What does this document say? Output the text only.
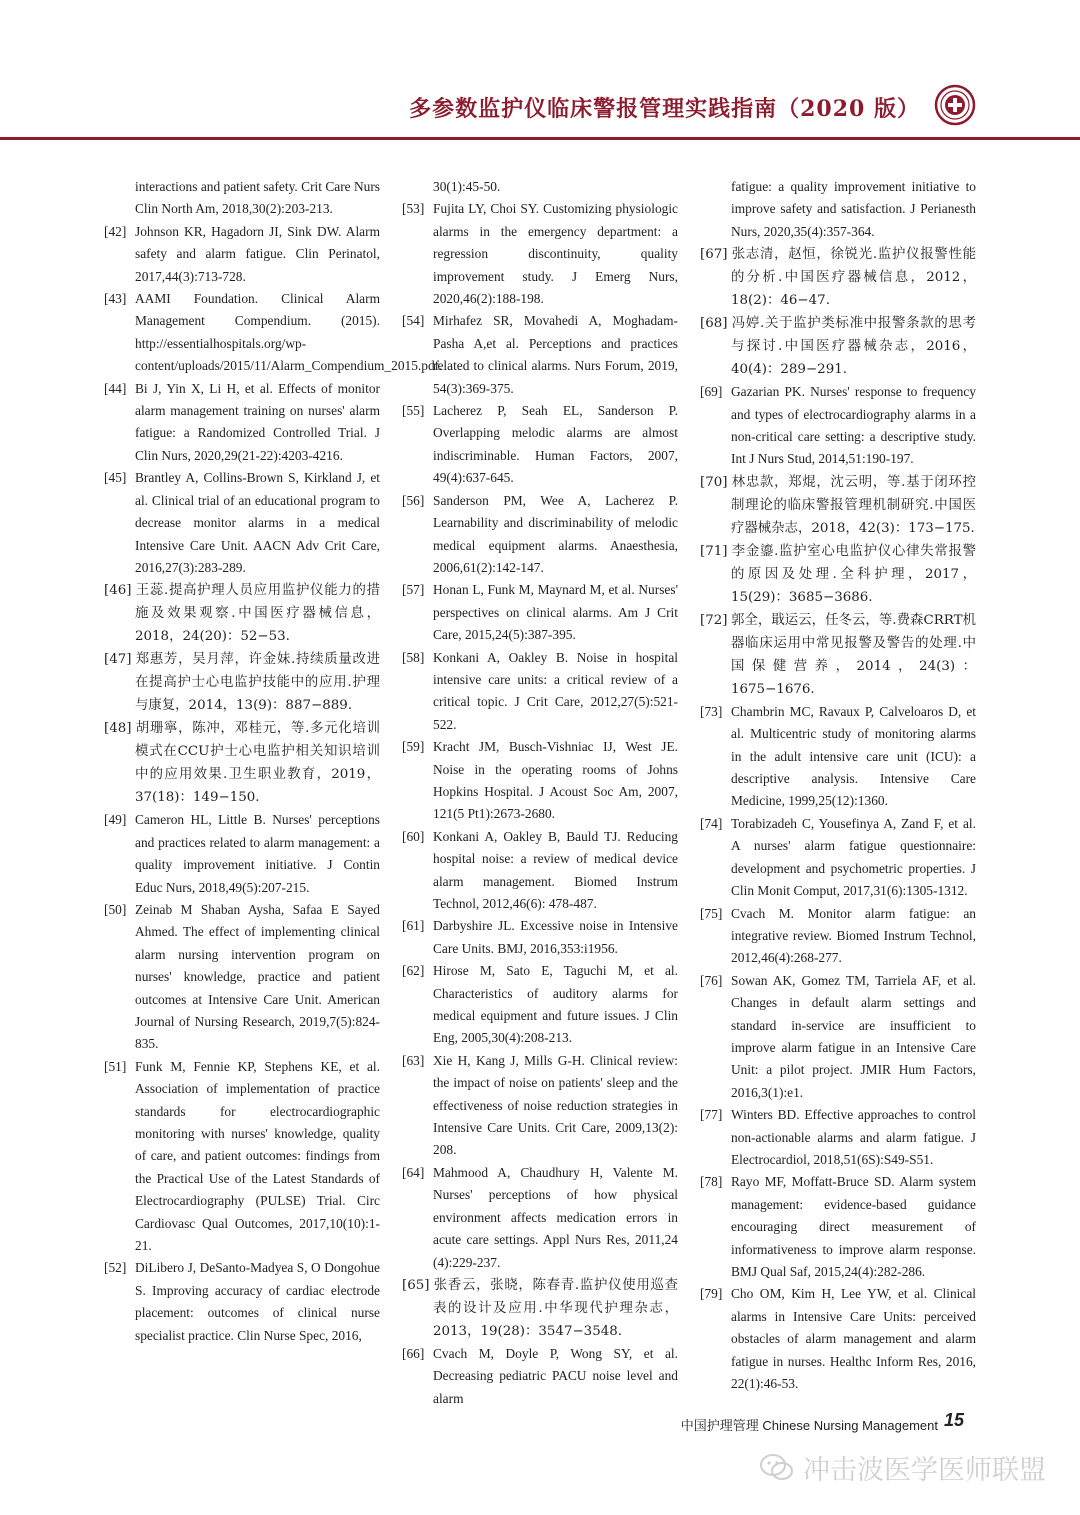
多参数监护仪临床警报管理实践指南（2020 版）

interactions and patient safety. Crit Care Nurs Clin North Am, 2018,30(2):203-213.

[42] Johnson KR, Hagadorn JI, Sink DW. Alarm safety and alarm fatigue. Clin Perinatol, 2017,44(3):713-728.

[43] AAMI Foundation. Clinical Alarm Management Compendium. (2015). http://essentialhospitals.org/wp-content/uploads/2015/11/Alarm_Compendium_2015.pdf.

[44] Bi J, Yin X, Li H, et al. Effects of monitor alarm management training on nurses' alarm fatigue: a Randomized Controlled Trial. J Clin Nurs, 2020,29(21-22):4203-4216.

[45] Brantley A, Collins-Brown S, Kirkland J, et al. Clinical trial of an educational program to decrease monitor alarms in a medical Intensive Care Unit. AACN Adv Crit Care, 2016,27(3):283-289.

[46] 王蕊.提高护理人员应用监护仪能力的措施及效果观察.中国医疗器械信息，2018，24(20)：52−53.

[47] 郑惠芳，吴月萍，许金妹.持续质量改进在提高护士心电监护技能中的应用.护理与康复，2014，13(9)：887−889.

[48] 胡珊寧，陈冲，邓桂元，等.多元化培训模式在CCU护士心电监护相关知识培训中的应用效果.卫生职业教育，2019，37(18)：149−150.

[49] Cameron HL, Little B. Nurses' perceptions and practices related to alarm management: a quality improvement initiative. J Contin Educ Nurs, 2018,49(5):207-215.

[50] Zeinab M Shaban Aysha, Safaa E Sayed Ahmed. The effect of implementing clinical alarm nursing intervention program on nurses' knowledge, practice and patient outcomes at Intensive Care Unit. American Journal of Nursing Research, 2019,7(5):824-835.

[51] Funk M, Fennie KP, Stephens KE, et al. Association of implementation of practice standards for electrocardiographic monitoring with nurses' knowledge, quality of care, and patient outcomes: findings from the Practical Use of the Latest Standards of Electrocardiography (PULSE) Trial. Circ Cardiovasc Qual Outcomes, 2017,10(10):1-21.

[52] DiLibero J, DeSanto-Madyea S, O Dongohue S. Improving accuracy of cardiac electrode placement: outcomes of clinical nurse specialist practice. Clin Nurse Spec, 2016,

30(1):45-50.

[53] Fujita LY, Choi SY. Customizing physiologic alarms in the emergency department: a regression discontinuity, quality improvement study. J Emerg Nurs, 2020,46(2):188-198.

[54] Mirhafez SR, Movahedi A, Moghadam-Pasha A,et al. Perceptions and practices related to clinical alarms. Nurs Forum, 2019, 54(3):369-375.

[55] Lacherez P, Seah EL, Sanderson P. Overlapping melodic alarms are almost indiscriminable. Human Factors, 2007, 49(4):637-645.

[56] Sanderson PM, Wee A, Lacherez P. Learnability and discriminability of melodic medical equipment alarms. Anaesthesia, 2006,61(2):142-147.

[57] Honan L, Funk M, Maynard M, et al. Nurses' perspectives on clinical alarms. Am J Crit Care, 2015,24(5):387-395.

[58] Konkani A, Oakley B. Noise in hospital intensive care units: a critical review of a critical topic. J Crit Care, 2012,27(5):521-522.

[59] Kracht JM, Busch-Vishniac IJ, West JE. Noise in the operating rooms of Johns Hopkins Hospital. J Acoust Soc Am, 2007, 121(5 Pt1):2673-2680.

[60] Konkani A, Oakley B, Bauld TJ. Reducing hospital noise: a review of medical device alarm management. Biomed Instrum Technol, 2012,46(6): 478-487.

[61] Darbyshire JL. Excessive noise in Intensive Care Units. BMJ, 2016,353:i1956.

[62] Hirose M, Sato E, Taguchi M, et al. Characteristics of auditory alarms for medical equipment and future issues. J Clin Eng, 2005,30(4):208-213.

[63] Xie H, Kang J, Mills G-H. Clinical review: the impact of noise on patients' sleep and the effectiveness of noise reduction strategies in Intensive Care Units. Crit Care, 2009,13(2): 208.

[64] Mahmood A, Chaudhury H, Valente M. Nurses' perceptions of how physical environment affects medication errors in acute care settings. Appl Nurs Res, 2011,24 (4):229-237.

[65] 张香云，张晓，陈春青.监护仪使用巡查表的设计及应用.中华现代护理杂志，2013，19(28)：3547−3548.

[66] Cvach M, Doyle P, Wong SY, et al. Decreasing pediatric PACU noise level and alarm

fatigue: a quality improvement initiative to improve safety and satisfaction. J Perianesth Nurs, 2020,35(4):357-364.

[67] 张志清，赵恒，徐锐光.监护仪报警性能的分析.中国医疗器械信息，2012，18(2)：46−47.

[68] 冯婷.关于监护类标准中报警条款的思考与探讨.中国医疗器械杂志，2016，40(4)：289−291.

[69] Gazarian PK. Nurses' response to frequency and types of electrocardiography alarms in a non-critical care setting: a descriptive study. Int J Nurs Stud, 2014,51:190-197.

[70] 林忠款，郑焜，沈云明，等.基于闭环控制理论的临床警报管理机制研究.中国医疗器械杂志，2018，42(3)：173−175.

[71] 李金鎏.监护室心电监护仪心律失常报警的原因及处理.全科护理，2017，15(29)：3685−3686.

[72] 郭全，戢运云，任冬云，等.费森CRRT机器临床运用中常见报警及警告的处理.中国保健营养，2014，24(3)：1675−1676.

[73] Chambrin MC, Ravaux P, Calveloaros D, et al. Multicentric study of monitoring alarms in the adult intensive care unit (ICU): a descriptive analysis. Intensive Care Medicine, 1999,25(12):1360.

[74] Torabizadeh C, Yousefinya A, Zand F, et al. A nurses' alarm fatigue questionnaire: development and psychometric properties. J Clin Monit Comput, 2017,31(6):1305-1312.

[75] Cvach M. Monitor alarm fatigue: an integrative review. Biomed Instrum Technol, 2012,46(4):268-277.

[76] Sowan AK, Gomez TM, Tarriela AF, et al. Changes in default alarm settings and standard in-service are insufficient to improve alarm fatigue in an Intensive Care Unit: a pilot project. JMIR Hum Factors, 2016,3(1):e1.

[77] Winters BD. Effective approaches to control non-actionable alarms and alarm fatigue. J Electrocardiol, 2018,51(6S):S49-S51.

[78] Rayo MF, Moffatt-Bruce SD. Alarm system management: evidence-based guidance encouraging direct measurement of informativeness to improve alarm response. BMJ Qual Saf, 2015,24(4):282-286.

[79] Cho OM, Kim H, Lee YW, et al. Clinical alarms in Intensive Care Units: perceived obstacles of alarm management and alarm fatigue in nurses. Healthc Inform Res, 2016, 22(1):46-53.

中国护理管理 Chinese Nursing Management 15
冲击波医学医师联盟
